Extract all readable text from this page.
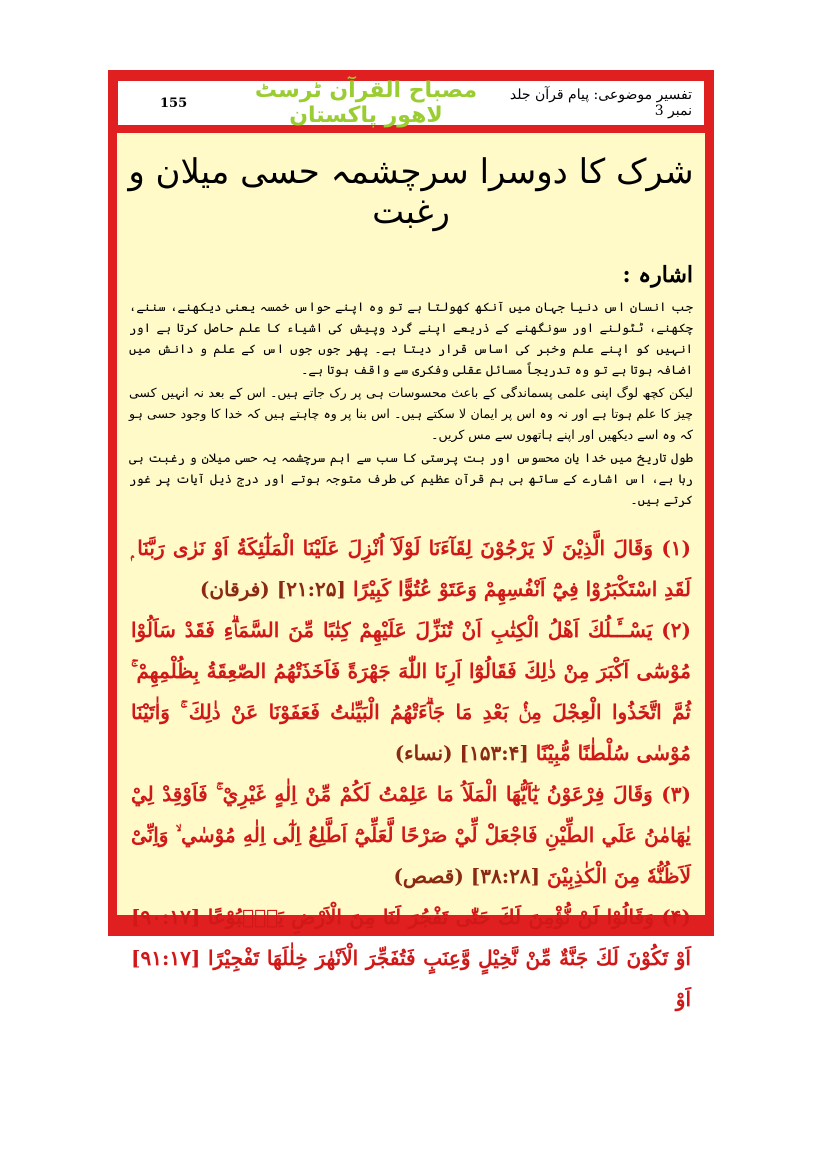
تفسیر موضوعی: پیام قرآن جلد نمبر 3
مصباح القرآن ٹرسٹ لاھور پاکستان
155
شرک کا دوسرا سرچشمہ حسی میلان و رغبت
اشارہ :

جب انسان اس دنیا جہان میں آنکھ کھولتا ہے تو وہ اپنے حواس خمسہ یعنی دیکھنے، سننے، چکھنے، ٹٹولنے اور سونگھنے کے ذریعے اپنے گرد وپیش کی اشیاء کا علم حاصل کرتا ہے اور انہیں کو اپنے علم وخبر کی اساس قرار دیتا ہے۔ پھر جوں جوں اس کے علم و دانش میں اضافہ ہوتا ہے تو وہ تدریجاً مسائل عقلی وفکری سے واقف ہوتا ہے۔

لیکن کچھ لوگ اپنی علمی پسماندگی کے باعث محسوسات ہی پر رک جاتے ہیں۔ اس کے بعد نہ انہیں کسی چیز کا علم ہوتا ہے اور نہ وہ اس پر ایمان لا سکتے ہیں۔ اس بنا پر وہ چاہتے ہیں کہ خدا کا وجود حسی ہو کہ وہ اسے دیکھیں اور اپنے ہاتھوں سے مس کریں۔

طول تاریخ میں خدا یان محسوس اور بت پرستی کا سب سے اہم سرچشمہ یہ حسی میلان و رغبت ہی رہا ہے، اس اشارے کے ساتھ ہی ہم قرآن عظیم کی طرف متوجہ ہوتے اور درج ذیل آیات پر غور کرتے ہیں۔

(۱) وَقَالَ الَّذِيْنَ لَا يَرْجُوْنَ لِقَآءَنَا لَوْلَآ اُنْزِلَ عَلَيْنَا الْمَلٰٓئِكَةُ اَوْ نَرٰى رَبَّنَا ۭ لَقَدِ اسْتَكْبَرُوْا فِيْٓ اَنْفُسِهِمْ وَعَتَوْ عُتُوًّا كَبِيْرًا [۲۱:۲۵] (فرقان)
(۲) يَسْــَٔـلُكَ اَهْلُ الْكِتٰبِ اَنْ تُنَزِّلَ عَلَيْهِمْ كِتٰبًا مِّنَ السَّمَاۗءِ فَقَدْ سَاَلُوْا مُوْسٰٓى اَكْبَرَ مِنْ ذٰلِكَ فَقَالُوْٓا اَرِنَا اللّٰهَ جَهْرَةً فَاَخَذَتْهُمُ الصّٰعِقَةُ بِظُلْمِهِمْ ۚ ثُمَّ اتَّخَذُوا الْعِجْلَ مِنْۢ بَعْدِ مَا جَاۗءَتْهُمُ الْبَيِّنٰتُ فَعَفَوْنَا عَنْ ذٰلِكَ ۚ وَاٰتَيْنَا مُوْسٰى سُلْطٰنًا مُّبِيْنًا [۱۵۳:۴] (نساء)
(۳) وَقَالَ فِرْعَوْنُ يٰٓاَيُّهَا الْمَلَاُ مَا عَلِمْتُ لَكُمْ مِّنْ اِلٰهٍ غَيْرِيْ ۚ فَاَوْقِدْ لِيْ يٰهَامٰنُ عَلَي الطِّيْنِ فَاجْعَلْ لِّيْ صَرْحًا لَّعَلِّيْٓ اَطَّلِعُ اِلٰٓى اِلٰهِ مُوْسٰي ۙ وَاِنِّىْ لَاَظُنُّهٗ مِنَ الْكٰذِبِيْنَ [۳۸:۲۸] (قصص)
(۴) وَقَالُوْا لَنْ نُّؤْمِنَ لَكَ حَتّٰى تَفْجُرَ لَنَا مِنَ الْاَرْضِ يَنْۢبُوْعًا [۹۰:۱۷] اَوْ تَكُوْنَ لَكَ جَنَّةٌ مِّنْ نَّخِيْلٍ وَّعِنَبٍ فَتُفَجِّرَ الْاَنْهٰرَ خِلٰلَهَا تَفْجِيْرًا [۹۱:۱۷] اَوْ
